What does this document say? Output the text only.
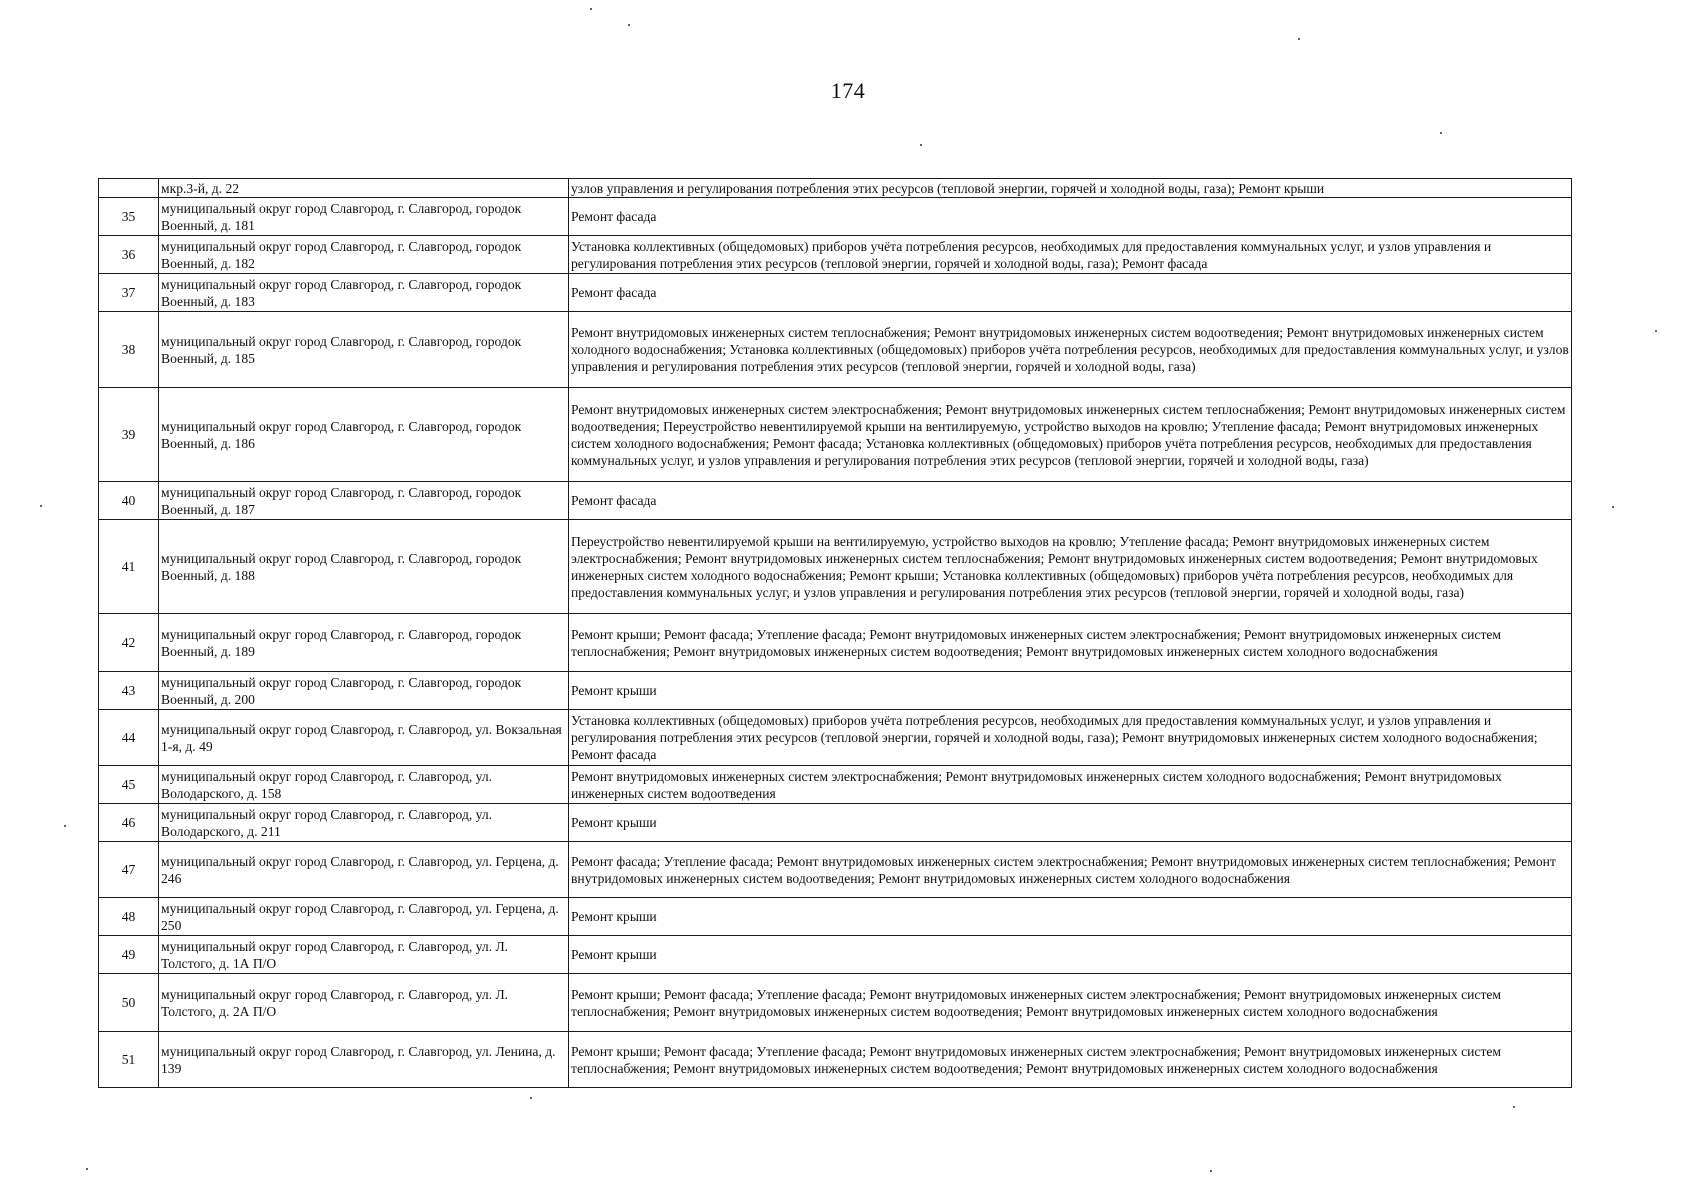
174
	мкр.3-й, д. 22	узлов управления и регулирования потребления этих ресурсов (тепловой энергии, горячей и холодной воды, газа); Ремонт крыши
35	муниципальный округ город Славгород, г. Славгород, городок Военный, д. 181	Ремонт фасада
36	муниципальный округ город Славгород, г. Славгород, городок Военный, д. 182	Установка коллективных (общедомовых) приборов учёта потребления ресурсов, необходимых для предоставления коммунальных услуг, и узлов управления и регулирования потребления этих ресурсов (тепловой энергии, горячей и холодной воды, газа); Ремонт фасада
37	муниципальный округ город Славгород, г. Славгород, городок Военный, д. 183	Ремонт фасада
38	муниципальный округ город Славгород, г. Славгород, городок Военный, д. 185	Ремонт внутридомовых инженерных систем теплоснабжения; Ремонт внутридомовых инженерных систем водоотведения; Ремонт внутридомовых инженерных систем холодного водоснабжения; Установка коллективных (общедомовых) приборов учёта потребления ресурсов, необходимых для предоставления коммунальных услуг, и узлов управления и регулирования потребления этих ресурсов (тепловой энергии, горячей и холодной воды, газа)
39	муниципальный округ город Славгород, г. Славгород, городок Военный, д. 186	Ремонт внутридомовых инженерных систем электроснабжения; Ремонт внутридомовых инженерных систем теплоснабжения; Ремонт внутридомовых инженерных систем водоотведения; Переустройство невентилируемой крыши на вентилируемую, устройство выходов на кровлю; Утепление фасада; Ремонт внутридомовых инженерных систем холодного водоснабжения; Ремонт фасада; Установка коллективных (общедомовых) приборов учёта потребления ресурсов, необходимых для предоставления коммунальных услуг, и узлов управления и регулирования потребления этих ресурсов (тепловой энергии, горячей и холодной воды, газа)
40	муниципальный округ город Славгород, г. Славгород, городок Военный, д. 187	Ремонт фасада
41	муниципальный округ город Славгород, г. Славгород, городок Военный, д. 188	Переустройство невентилируемой крыши на вентилируемую, устройство выходов на кровлю; Утепление фасада; Ремонт внутридомовых инженерных систем электроснабжения; Ремонт внутридомовых инженерных систем теплоснабжения; Ремонт внутридомовых инженерных систем водоотведения; Ремонт внутридомовых инженерных систем холодного водоснабжения; Ремонт крыши; Установка коллективных (общедомовых) приборов учёта потребления ресурсов, необходимых для предоставления коммунальных услуг, и узлов управления и регулирования потребления этих ресурсов (тепловой энергии, горячей и холодной воды, газа)
42	муниципальный округ город Славгород, г. Славгород, городок Военный, д. 189	Ремонт крыши; Ремонт фасада; Утепление фасада; Ремонт внутридомовых инженерных систем электроснабжения; Ремонт внутридомовых инженерных систем теплоснабжения; Ремонт внутридомовых инженерных систем водоотведения; Ремонт внутридомовых инженерных систем холодного водоснабжения
43	муниципальный округ город Славгород, г. Славгород, городок Военный, д. 200	Ремонт крыши
44	муниципальный округ город Славгород, г. Славгород, ул. Вокзальная 1-я, д. 49	Установка коллективных (общедомовых) приборов учёта потребления ресурсов, необходимых для предоставления коммунальных услуг, и узлов управления и регулирования потребления этих ресурсов (тепловой энергии, горячей и холодной воды, газа); Ремонт внутридомовых инженерных систем холодного водоснабжения; Ремонт фасада
45	муниципальный округ город Славгород, г. Славгород, ул. Володарского, д. 158	Ремонт внутридомовых инженерных систем электроснабжения; Ремонт внутридомовых инженерных систем холодного водоснабжения; Ремонт внутридомовых инженерных систем водоотведения
46	муниципальный округ город Славгород, г. Славгород, ул. Володарского, д. 211	Ремонт крыши
47	муниципальный округ город Славгород, г. Славгород, ул. Герцена, д. 246	Ремонт фасада; Утепление фасада; Ремонт внутридомовых инженерных систем электроснабжения; Ремонт внутридомовых инженерных систем теплоснабжения; Ремонт внутридомовых инженерных систем водоотведения; Ремонт внутридомовых инженерных систем холодного водоснабжения
48	муниципальный округ город Славгород, г. Славгород, ул. Герцена, д. 250	Ремонт крыши
49	муниципальный округ город Славгород, г. Славгород, ул. Л. Толстого, д. 1А П/О	Ремонт крыши
50	муниципальный округ город Славгород, г. Славгород, ул. Л. Толстого, д. 2А П/О	Ремонт крыши; Ремонт фасада; Утепление фасада; Ремонт внутридомовых инженерных систем электроснабжения; Ремонт внутридомовых инженерных систем теплоснабжения; Ремонт внутридомовых инженерных систем водоотведения; Ремонт внутридомовых инженерных систем холодного водоснабжения
51	муниципальный округ город Славгород, г. Славгород, ул. Ленина, д. 139	Ремонт крыши; Ремонт фасада; Утепление фасада; Ремонт внутридомовых инженерных систем электроснабжения; Ремонт внутридомовых инженерных систем теплоснабжения; Ремонт внутридомовых инженерных систем водоотведения; Ремонт внутридомовых инженерных систем холодного водоснабжения
